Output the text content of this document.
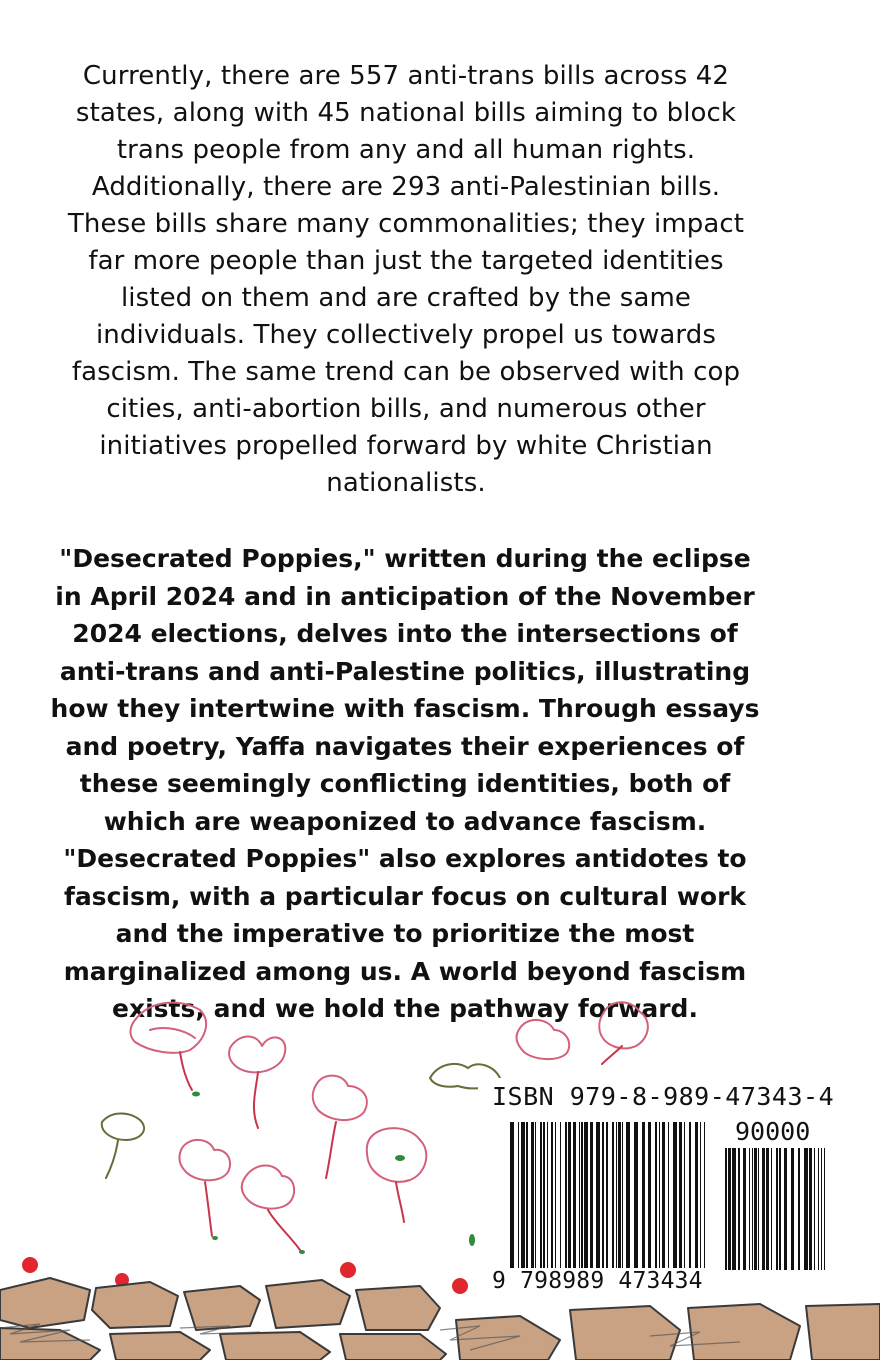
Currently, there are 557 anti-trans bills across 42 states, along with 45 national bills aiming to block trans people from any and all human rights. Additionally, there are 293 anti-Palestinian bills. These bills share many commonalities; they impact far more people than just the targeted identities listed on them and are crafted by the same individuals. They collectively propel us towards fascism. The same trend can be observed with cop cities, anti-abortion bills, and numerous other initiatives propelled forward by white Christian nationalists.
"Desecrated Poppies," written during the eclipse in April 2024 and in anticipation of the November 2024 elections, delves into the intersections of anti-trans and anti-Palestine politics, illustrating how they intertwine with fascism. Through essays and poetry, Yaffa navigates their experiences of these seemingly conflicting identities, both of which are weaponized to advance fascism. "Desecrated Poppies" also explores antidotes to fascism, with a particular focus on cultural work and the imperative to prioritize the most marginalized among us. A world beyond fascism exists, and we hold the pathway forward.
ISBN 979-8-989-47343-4
90000
9 798989 473434
